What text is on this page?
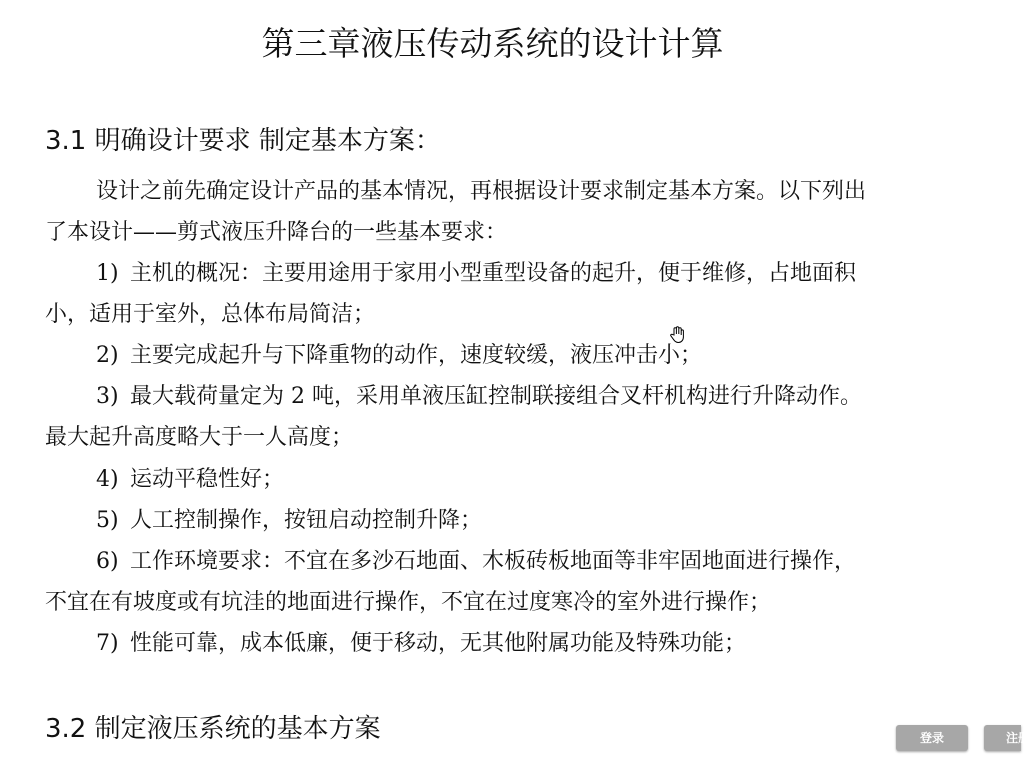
第三章液压传动系统的设计计算
3.1 明确设计要求 制定基本方案：
设计之前先确定设计产品的基本情况，再根据设计要求制定基本方案。以下列出
了本设计——剪式液压升降台的一些基本要求：
1) 主机的概况：主要用途用于家用小型重型设备的起升，便于维修，占地面积
小，适用于室外，总体布局简洁；
2) 主要完成起升与下降重物的动作，速度较缓，液压冲击小；
3) 最大载荷量定为 2 吨，采用单液压缸控制联接组合叉杆机构进行升降动作。
最大起升高度略大于一人高度；
4) 运动平稳性好；
5) 人工控制操作，按钮启动控制升降；
6) 工作环境要求：不宜在多沙石地面、木板砖板地面等非牢固地面进行操作，
不宜在有坡度或有坑洼的地面进行操作，不宜在过度寒冷的室外进行操作；
7) 性能可靠，成本低廉，便于移动，无其他附属功能及特殊功能；
3.2 制定液压系统的基本方案	登录	注册
